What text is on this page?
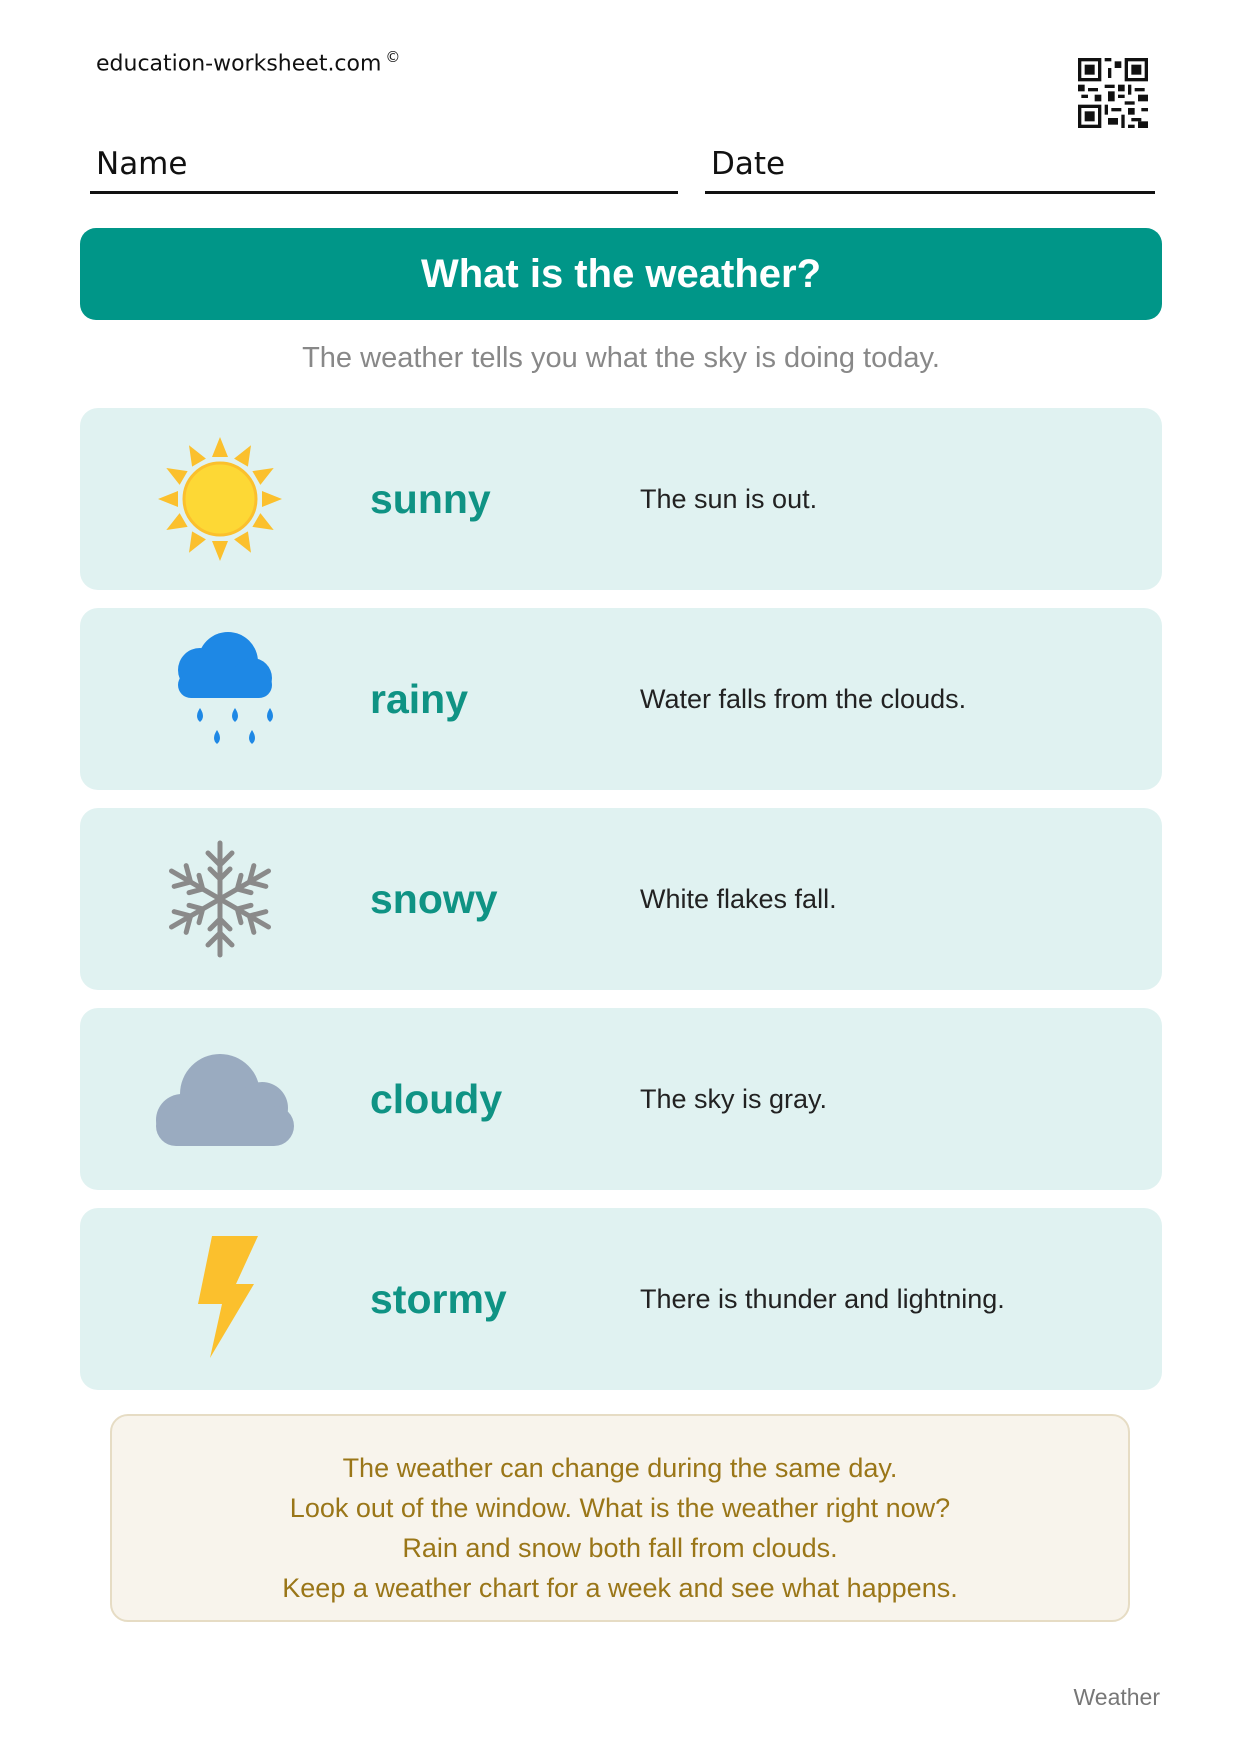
education-worksheet.com ©
Name	Date
What is the weather?
The weather tells you what the sky is doing today.
sunny	The sun is out.
rainy	Water falls from the clouds.
snowy	White flakes fall.
cloudy	The sky is gray.
stormy	There is thunder and lightning.

The weather can change during the same day.

Look out of the window. What is the weather right now?

Rain and snow both fall from clouds.

Keep a weather chart for a week and see what happens.

Weather
